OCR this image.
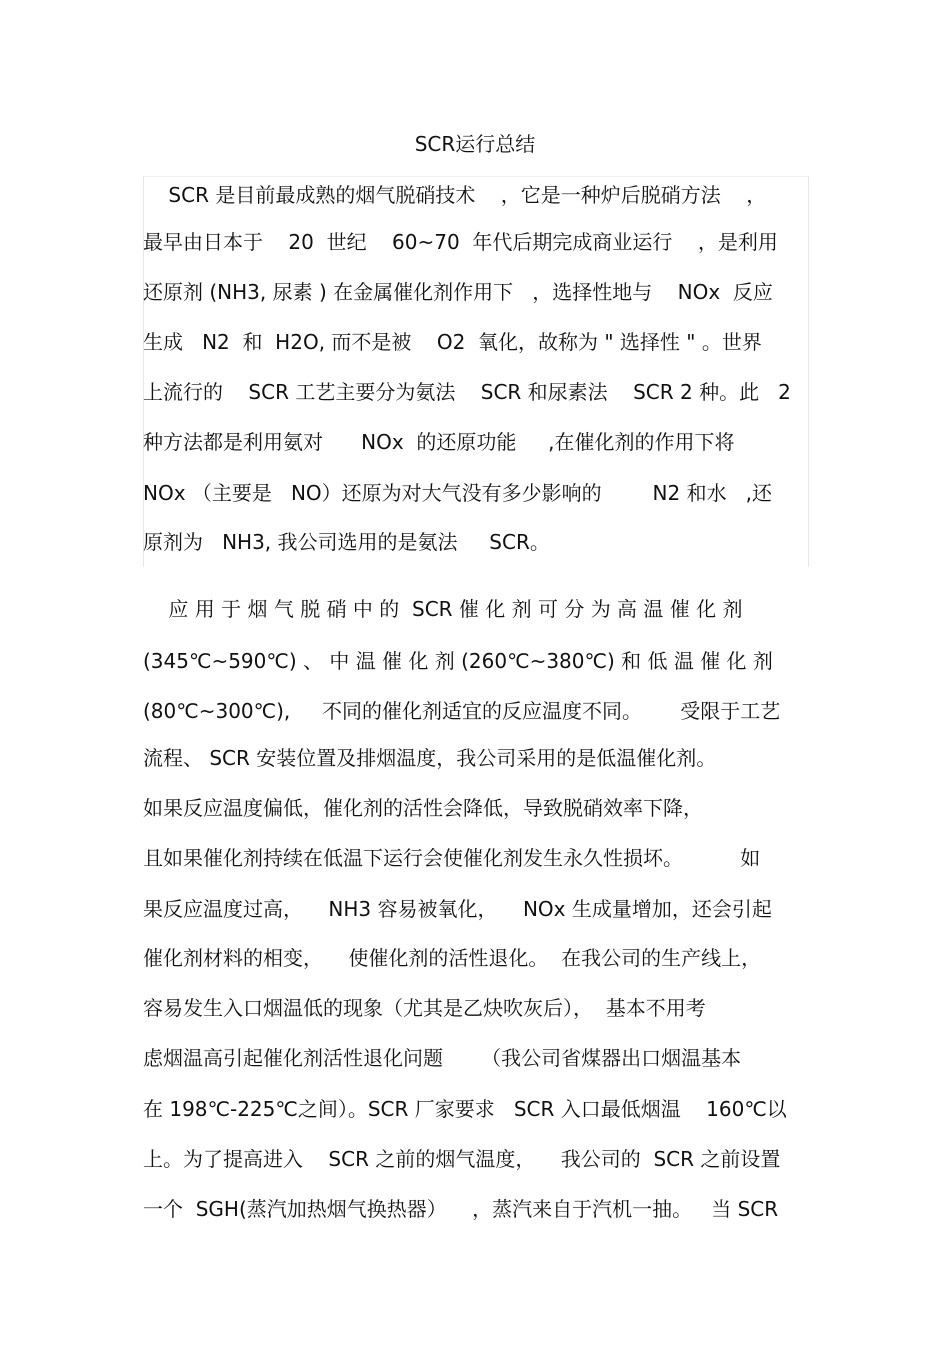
SCR运行总结
SCR 是目前最成熟的烟气脱硝技术    ，它是一种炉后脱硝方法    ，
最早由日本于    20  世纪    60~70  年代后期完成商业运行    ，是利用
还原剂 (NH3, 尿素 ) 在金属催化剂作用下   ，选择性地与    NOx  反应
生成   N2  和  H2O, 而不是被    O2  氧化，故称为 " 选择性 " 。世界
上流行的    SCR 工艺主要分为氨法    SCR 和尿素法    SCR 2 种。此   2
种方法都是利用氨对      NOx  的还原功能     ,在催化剂的作用下将
NOx （主要是   NO）还原为对大气没有多少影响的        N2 和水   ,还
原剂为   NH3, 我公司选用的是氨法     SCR。
应 用 于 烟 气 脱 硝 中 的  SCR 催 化 剂 可 分 为 高 温 催 化 剂
(345℃~590℃) 、 中 温 催 化 剂 (260℃~380℃) 和 低 温 催 化 剂
(80℃~300℃),     不同的催化剂适宜的反应温度不同。      受限于工艺
流程、 SCR 安装位置及排烟温度，我公司采用的是低温催化剂。
如果反应温度偏低，催化剂的活性会降低，导致脱硝效率下降，
且如果催化剂持续在低温下运行会使催化剂发生永久性损坏。         如
果反应温度过高，    NH3 容易被氧化，    NOx 生成量增加，还会引起
催化剂材料的相变，    使催化剂的活性退化。  在我公司的生产线上，
容易发生入口烟温低的现象（尤其是乙炔吹灰后），  基本不用考
虑烟温高引起催化剂活性退化问题      （我公司省煤器出口烟温基本
在 198℃-225℃之间）。SCR 厂家要求   SCR 入口最低烟温    160℃以
上。为了提高进入    SCR 之前的烟气温度，    我公司的  SCR 之前设置
一个  SGH(蒸汽加热烟气换热器）    ，蒸汽来自于汽机一抽。   当 SCR
